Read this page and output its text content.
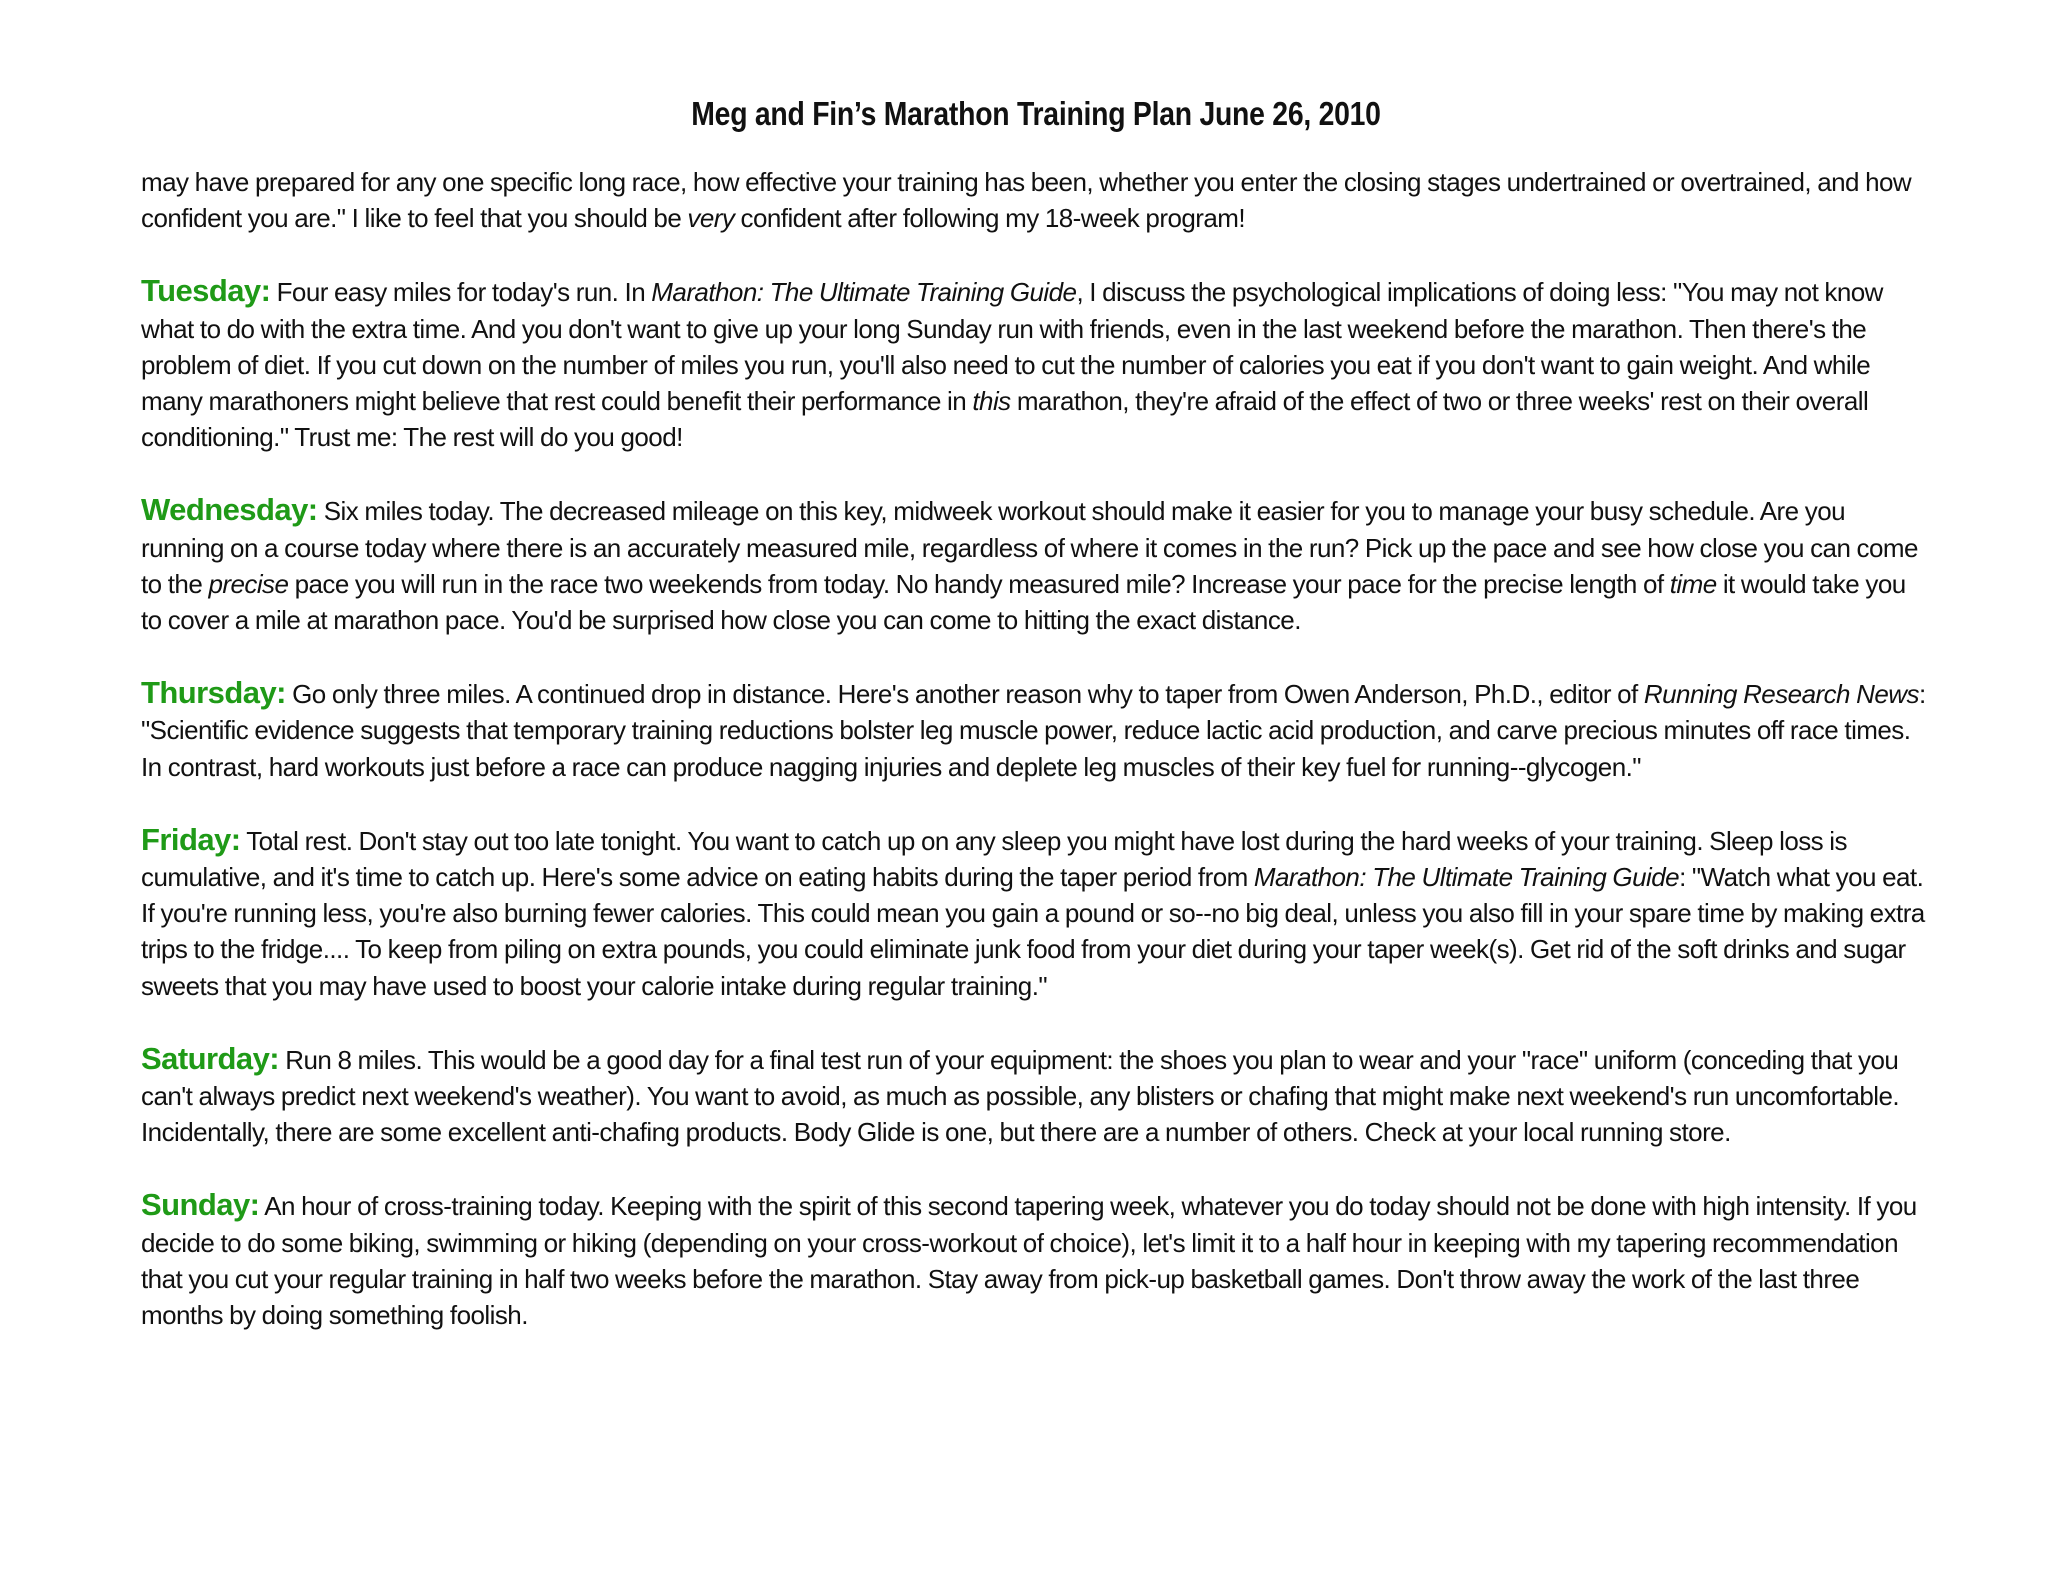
Meg and Fin’s Marathon Training Plan June 26, 2010

may have prepared for any one specific long race, how effective your training has been, whether you enter the closing stages undertrained or overtrained, and how confident you are." I like to feel that you should be very confident after following my 18-week program!

Tuesday: Four easy miles for today's run. In Marathon: The Ultimate Training Guide, I discuss the psychological implications of doing less: "You may not know what to do with the extra time. And you don't want to give up your long Sunday run with friends, even in the last weekend before the marathon. Then there's the problem of diet. If you cut down on the number of miles you run, you'll also need to cut the number of calories you eat if you don't want to gain weight. And while many marathoners might believe that rest could benefit their performance in this marathon, they're afraid of the effect of two or three weeks' rest on their overall conditioning." Trust me: The rest will do you good!

Wednesday: Six miles today. The decreased mileage on this key, midweek workout should make it easier for you to manage your busy schedule. Are you running on a course today where there is an accurately measured mile, regardless of where it comes in the run? Pick up the pace and see how close you can come to the precise pace you will run in the race two weekends from today. No handy measured mile? Increase your pace for the precise length of time it would take you to cover a mile at marathon pace. You'd be surprised how close you can come to hitting the exact distance.

Thursday: Go only three miles. A continued drop in distance. Here's another reason why to taper from Owen Anderson, Ph.D., editor of Running Research News: "Scientific evidence suggests that temporary training reductions bolster leg muscle power, reduce lactic acid production, and carve precious minutes off race times. In contrast, hard workouts just before a race can produce nagging injuries and deplete leg muscles of their key fuel for running--glycogen."

Friday: Total rest. Don't stay out too late tonight. You want to catch up on any sleep you might have lost during the hard weeks of your training. Sleep loss is cumulative, and it's time to catch up. Here's some advice on eating habits during the taper period from Marathon: The Ultimate Training Guide: "Watch what you eat. If you're running less, you're also burning fewer calories. This could mean you gain a pound or so--no big deal, unless you also fill in your spare time by making extra trips to the fridge.... To keep from piling on extra pounds, you could eliminate junk food from your diet during your taper week(s). Get rid of the soft drinks and sugar sweets that you may have used to boost your calorie intake during regular training."

Saturday: Run 8 miles. This would be a good day for a final test run of your equipment: the shoes you plan to wear and your "race" uniform (conceding that you can't always predict next weekend's weather). You want to avoid, as much as possible, any blisters or chafing that might make next weekend's run uncomfortable. Incidentally, there are some excellent anti-chafing products. Body Glide is one, but there are a number of others. Check at your local running store.

Sunday: An hour of cross-training today. Keeping with the spirit of this second tapering week, whatever you do today should not be done with high intensity. If you decide to do some biking, swimming or hiking (depending on your cross-workout of choice), let's limit it to a half hour in keeping with my tapering recommendation that you cut your regular training in half two weeks before the marathon. Stay away from pick-up basketball games. Don't throw away the work of the last three months by doing something foolish.
